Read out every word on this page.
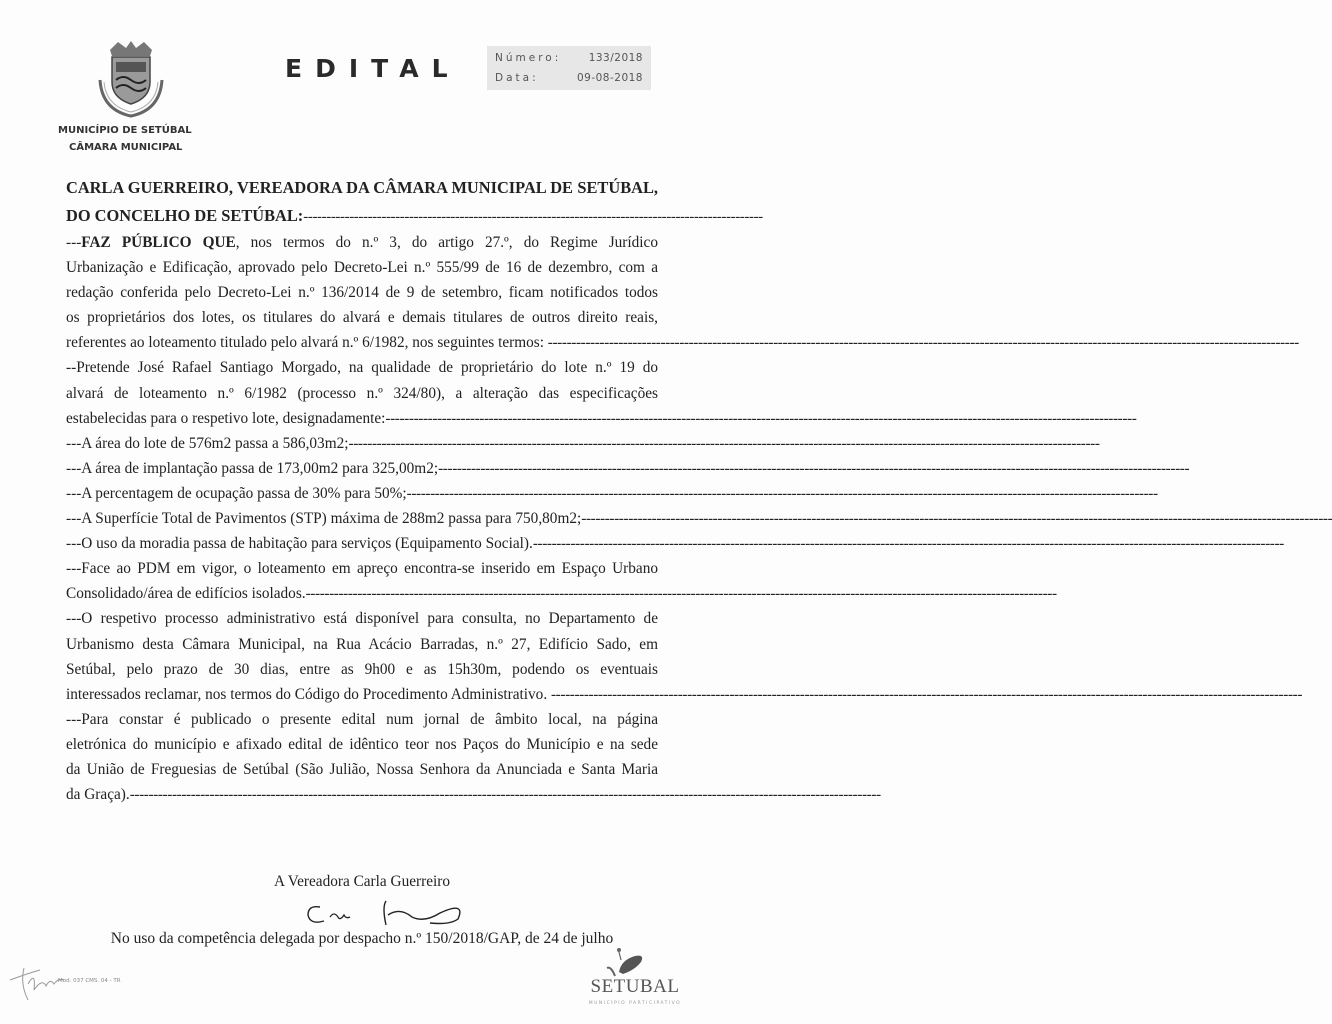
MUNICÍPIO DE SETÚBAL
CÂMARA MUNICIPAL
EDITAL	Número:	133/2018
Data:	09-08-2018
CARLA GUERREIRO, VEREADORA DA CÂMARA MUNICIPAL DE SETÚBAL,
DO CONCELHO DE SETÚBAL:----------------------------------------------------------------------------------------------------
---FAZ PÚBLICO QUE, nos termos do n.º 3, do artigo 27.º, do Regime Jurídico
Urbanização e Edificação, aprovado pelo Decreto-Lei n.º 555/99 de 16 de dezembro, com a
redação conferida pelo Decreto-Lei n.º 136/2014 de 9 de setembro, ficam notificados todos
os proprietários dos lotes, os titulares do alvará e demais titulares de outros direito reais,
referentes ao loteamento titulado pelo alvará n.º 6/1982, nos seguintes termos: ----------------------------------------------------------------------------------------------------------------------------------------------------------------
--Pretende José Rafael Santiago Morgado, na qualidade de proprietário do lote n.º 19 do
alvará de loteamento n.º 6/1982 (processo n.º 324/80), a alteração das especificações
estabelecidas para o respetivo lote, designadamente:----------------------------------------------------------------------------------------------------------------------------------------------------------------
---A área do lote de 576m2 passa a 586,03m2;----------------------------------------------------------------------------------------------------------------------------------------------------------------
---A área de implantação passa de 173,00m2 para 325,00m2;----------------------------------------------------------------------------------------------------------------------------------------------------------------
---A percentagem de ocupação passa de 30% para 50%;----------------------------------------------------------------------------------------------------------------------------------------------------------------
---A Superfície Total de Pavimentos (STP) máxima de 288m2 passa para 750,80m2;----------------------------------------------------------------------------------------------------------------------------------------------------------------
---O uso da moradia passa de habitação para serviços (Equipamento Social).----------------------------------------------------------------------------------------------------------------------------------------------------------------
---Face ao PDM em vigor, o loteamento em apreço encontra-se inserido em Espaço Urbano
Consolidado/área de edifícios isolados.----------------------------------------------------------------------------------------------------------------------------------------------------------------
---O respetivo processo administrativo está disponível para consulta, no Departamento de
Urbanismo desta Câmara Municipal, na Rua Acácio Barradas, n.º 27, Edifício Sado, em
Setúbal, pelo prazo de 30 dias, entre as 9h00 e as 15h30m, podendo os eventuais
interessados reclamar, nos termos do Código do Procedimento Administrativo. ----------------------------------------------------------------------------------------------------------------------------------------------------------------
---Para constar é publicado o presente edital num jornal de âmbito local, na página
eletrónica do município e afixado edital de idêntico teor nos Paços do Município e na sede
da União de Freguesias de Setúbal (São Julião, Nossa Senhora da Anunciada e Santa Maria
da Graça).----------------------------------------------------------------------------------------------------------------------------------------------------------------
A Vereadora Carla Guerreiro
No uso da competência delegada por despacho n.º 150/2018/GAP, de 24 de julho
Mod. 037 CMS. 04 - TR	SETUBAL
MUNICÍPIO PARTICIPATIVO
